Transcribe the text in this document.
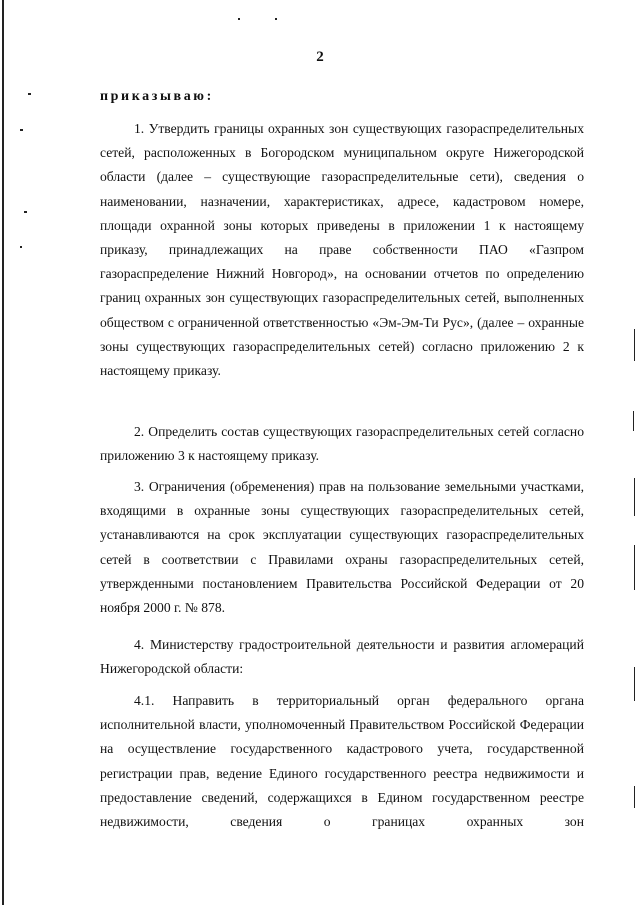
2
приказываю:

1. Утвердить границы охранных зон существующих газораспределительных сетей, расположенных в Богородском муниципальном округе Нижегородской области (далее – существующие газораспределительные сети), сведения о наименовании, назначении, характеристиках, адресе, кадастровом номере, площади охранной зоны которых приведены в приложении 1 к настоящему приказу, принадлежащих на праве собственности ПАО «Газпром газораспределение Нижний Новгород», на основании отчетов по определению границ охранных зон существующих газораспределительных сетей, выполненных обществом с ограниченной ответственностью «Эм-Эм-Ти Рус», (далее – охранные зоны существующих газораспределительных сетей) согласно приложению 2 к настоящему приказу.

2. Определить состав существующих газораспределительных сетей согласно приложению 3 к настоящему приказу.

3. Ограничения (обременения) прав на пользование земельными участками, входящими в охранные зоны существующих газораспределительных сетей, устанавливаются на срок эксплуатации существующих газораспределительных сетей в соответствии с Правилами охраны газораспределительных сетей, утвержденными постановлением Правительства Российской Федерации от 20 ноября 2000 г. № 878.

4. Министерству градостроительной деятельности и развития агломераций Нижегородской области:

4.1. Направить в территориальный орган федерального органа исполнительной власти, уполномоченный Правительством Российской Федерации на осуществление государственного кадастрового учета, государственной регистрации прав, ведение Единого государственного реестра недвижимости и предоставление сведений, содержащихся в Едином государственном реестре недвижимости, сведения о границах охранных зон
